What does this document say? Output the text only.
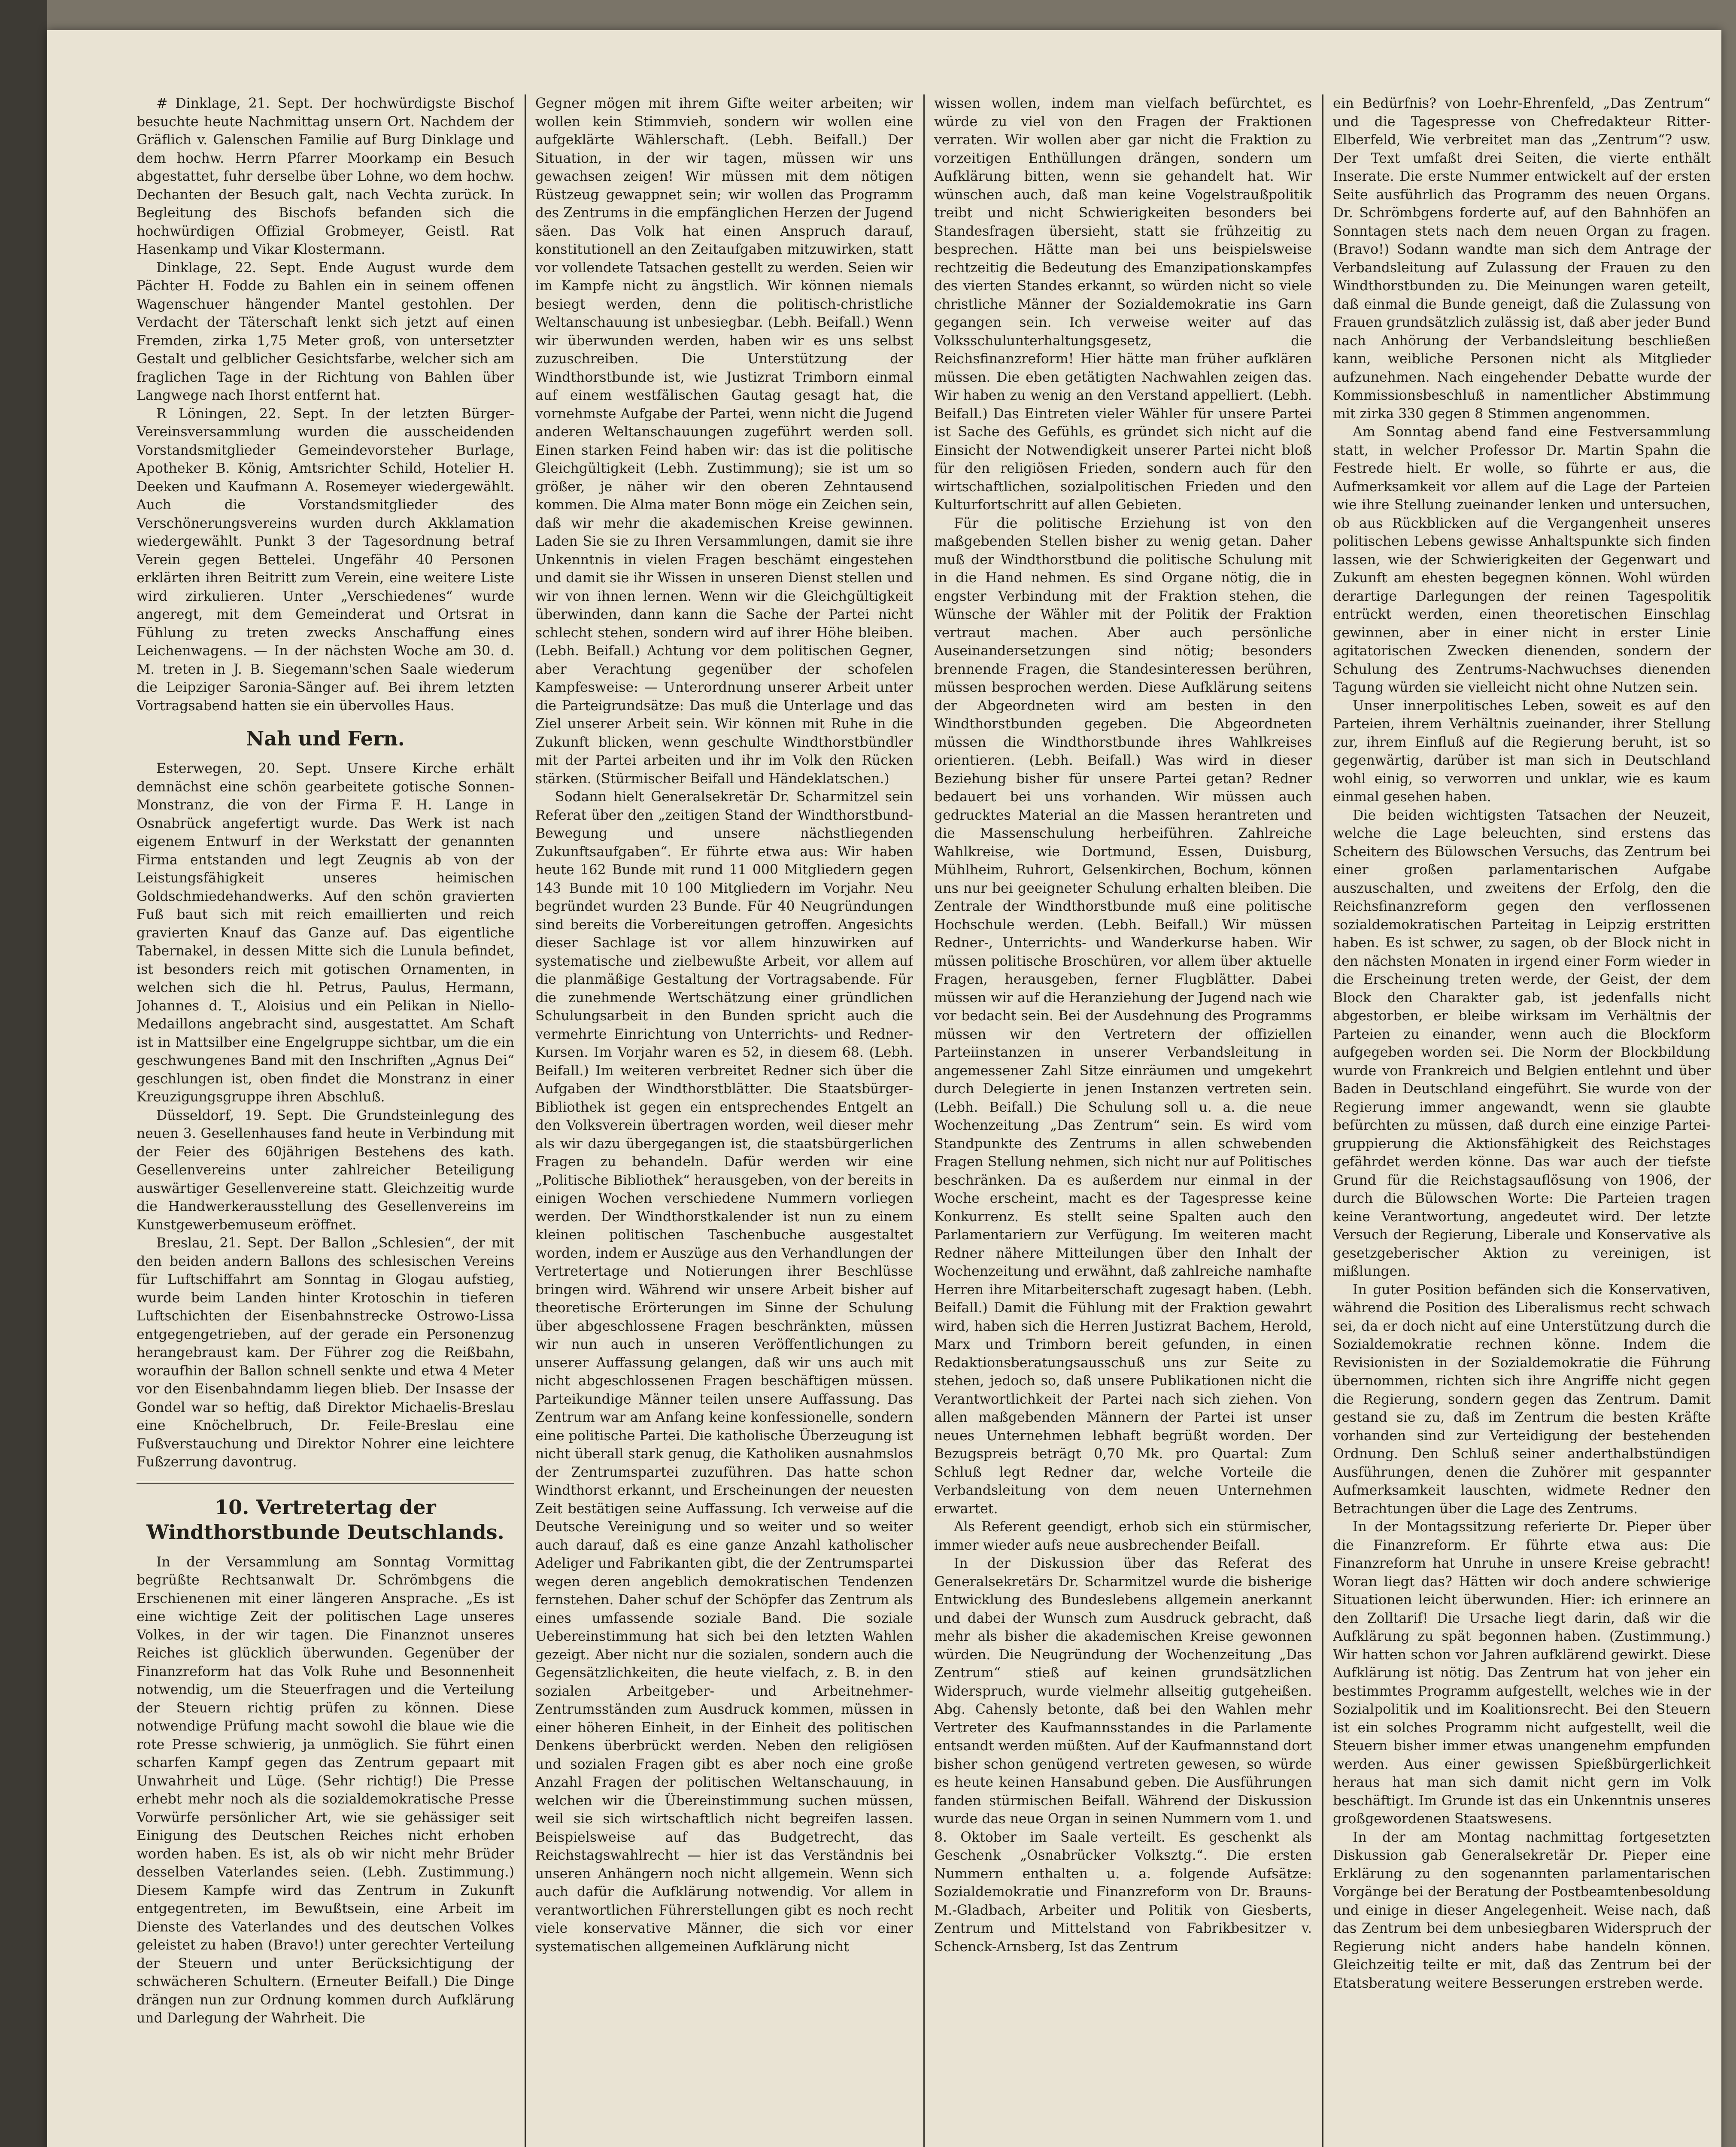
# Dinklage, 21. Sept. Der hochwürdigste Bischof besuchte heute Nachmittag unsern Ort. Nachdem der Gräflich v. Galenschen Familie auf Burg Dinklage und dem hochw. Herrn Pfarrer Moorkamp ein Besuch abgestattet, fuhr derselbe über Lohne, wo dem hochw. Dechanten der Besuch galt, nach Vechta zurück. In Begleitung des Bischofs befanden sich die hochwürdigen Offizial Grobmeyer, Geistl. Rat Hasenkamp und Vikar Klostermann.

Dinklage, 22. Sept. Ende August wurde dem Pächter H. Fodde zu Bahlen ein in seinem offenen Wagenschuer hängender Mantel gestohlen. Der Verdacht der Täterschaft lenkt sich jetzt auf einen Fremden, zirka 1,75 Meter groß, von untersetzter Gestalt und gelblicher Gesichtsfarbe, welcher sich am fraglichen Tage in der Richtung von Bahlen über Langwege nach Ihorst entfernt hat.

R Löningen, 22. Sept. In der letzten Bürger-Vereinsversammlung wurden die ausscheidenden Vorstandsmitglieder Gemeindevorsteher Burlage, Apotheker B. König, Amtsrichter Schild, Hotelier H. Deeken und Kaufmann A. Rosemeyer wiedergewählt. Auch die Vorstandsmitglieder des Verschönerungsvereins wurden durch Akklamation wiedergewählt. Punkt 3 der Tagesordnung betraf Verein gegen Bettelei. Ungefähr 40 Personen erklärten ihren Beitritt zum Verein, eine weitere Liste wird zirkulieren. Unter „Verschiedenes“ wurde angeregt, mit dem Gemeinderat und Ortsrat in Fühlung zu treten zwecks Anschaffung eines Leichenwagens. — In der nächsten Woche am 30. d. M. treten in J. B. Siegemann'schen Saale wiederum die Leipziger Saronia-Sänger auf. Bei ihrem letzten Vortragsabend hatten sie ein übervolles Haus.

Nah und Fern.

Esterwegen, 20. Sept. Unsere Kirche erhält demnächst eine schön gearbeitete gotische Sonnen-Monstranz, die von der Firma F. H. Lange in Osnabrück angefertigt wurde. Das Werk ist nach eigenem Entwurf in der Werkstatt der genannten Firma entstanden und legt Zeugnis ab von der Leistungsfähigkeit unseres heimischen Goldschmiedehandwerks. Auf den schön gravierten Fuß baut sich mit reich emaillierten und reich gravierten Knauf das Ganze auf. Das eigentliche Tabernakel, in dessen Mitte sich die Lunula befindet, ist besonders reich mit gotischen Ornamenten, in welchen sich die hl. Petrus, Paulus, Hermann, Johannes d. T., Aloisius und ein Pelikan in Niello-Medaillons angebracht sind, ausgestattet. Am Schaft ist in Mattsilber eine Engelgruppe sichtbar, um die ein geschwungenes Band mit den Inschriften „Agnus Dei“ geschlungen ist, oben findet die Monstranz in einer Kreuzigungsgruppe ihren Abschluß.

Düsseldorf, 19. Sept. Die Grundsteinlegung des neuen 3. Gesellenhauses fand heute in Verbindung mit der Feier des 60jährigen Bestehens des kath. Gesellenvereins unter zahlreicher Beteiligung auswärtiger Gesellenvereine statt. Gleichzeitig wurde die Handwerkerausstellung des Gesellenvereins im Kunstgewerbemuseum eröffnet.

Breslau, 21. Sept. Der Ballon „Schlesien“, der mit den beiden andern Ballons des schlesischen Vereins für Luftschiffahrt am Sonntag in Glogau aufstieg, wurde beim Landen hinter Krotoschin in tieferen Luftschichten der Eisenbahnstrecke Ostrowo-Lissa entgegengetrieben, auf der gerade ein Personenzug herangebraust kam. Der Führer zog die Reißbahn, woraufhin der Ballon schnell senkte und etwa 4 Meter vor den Eisenbahndamm liegen blieb. Der Insasse der Gondel war so heftig, daß Direktor Michaelis-Breslau eine Knöchelbruch, Dr. Feile-Breslau eine Fußverstauchung und Direktor Nohrer eine leichtere Fußzerrung davontrug.

10. Vertretertag der Windthorstbunde Deutschlands.

In der Versammlung am Sonntag Vormittag begrüßte Rechtsanwalt Dr. Schrömbgens die Erschienenen mit einer längeren Ansprache. „Es ist eine wichtige Zeit der politischen Lage unseres Volkes, in der wir tagen. Die Finanznot unseres Reiches ist glücklich überwunden. Gegenüber der Finanzreform hat das Volk Ruhe und Besonnenheit notwendig, um die Steuerfragen und die Verteilung der Steuern richtig prüfen zu können. Diese notwendige Prüfung macht sowohl die blaue wie die rote Presse schwierig, ja unmöglich. Sie führt einen scharfen Kampf gegen das Zentrum gepaart mit Unwahrheit und Lüge. (Sehr richtig!) Die Presse erhebt mehr noch als die sozialdemokratische Presse Vorwürfe persönlicher Art, wie sie gehässiger seit Einigung des Deutschen Reiches nicht erhoben worden haben. Es ist, als ob wir nicht mehr Brüder desselben Vaterlandes seien. (Lebh. Zustimmung.) Diesem Kampfe wird das Zentrum in Zukunft entgegentreten, im Bewußtsein, eine Arbeit im Dienste des Vaterlandes und des deutschen Volkes geleistet zu haben (Bravo!) unter gerechter Verteilung der Steuern und unter Berücksichtigung der schwächeren Schultern. (Erneuter Beifall.) Die Dinge drängen nun zur Ordnung kommen durch Aufklärung und Darlegung der Wahrheit. Die

Gegner mögen mit ihrem Gifte weiter arbeiten; wir wollen kein Stimmvieh, sondern wir wollen eine aufgeklärte Wählerschaft. (Lebh. Beifall.) Der Situation, in der wir tagen, müssen wir uns gewachsen zeigen! Wir müssen mit dem nötigen Rüstzeug gewappnet sein; wir wollen das Programm des Zentrums in die empfänglichen Herzen der Jugend säen. Das Volk hat einen Anspruch darauf, konstitutionell an den Zeitaufgaben mitzuwirken, statt vor vollendete Tatsachen gestellt zu werden. Seien wir im Kampfe nicht zu ängstlich. Wir können niemals besiegt werden, denn die politisch-christliche Weltanschauung ist unbesiegbar. (Lebh. Beifall.) Wenn wir überwunden werden, haben wir es uns selbst zuzuschreiben. Die Unterstützung der Windthorstbunde ist, wie Justizrat Trimborn einmal auf einem westfälischen Gautag gesagt hat, die vornehmste Aufgabe der Partei, wenn nicht die Jugend anderen Weltanschauungen zugeführt werden soll. Einen starken Feind haben wir: das ist die politische Gleichgültigkeit (Lebh. Zustimmung); sie ist um so größer, je näher wir den oberen Zehntausend kommen. Die Alma mater Bonn möge ein Zeichen sein, daß wir mehr die akademischen Kreise gewinnen. Laden Sie sie zu Ihren Versammlungen, damit sie ihre Unkenntnis in vielen Fragen beschämt eingestehen und damit sie ihr Wissen in unseren Dienst stellen und wir von ihnen lernen. Wenn wir die Gleichgültigkeit überwinden, dann kann die Sache der Partei nicht schlecht stehen, sondern wird auf ihrer Höhe bleiben. (Lebh. Beifall.) Achtung vor dem politischen Gegner, aber Verachtung gegenüber der schofelen Kampfesweise: — Unterordnung unserer Arbeit unter die Parteigrundsätze: Das muß die Unterlage und das Ziel unserer Arbeit sein. Wir können mit Ruhe in die Zukunft blicken, wenn geschulte Windthorstbündler mit der Partei arbeiten und ihr im Volk den Rücken stärken. (Stürmischer Beifall und Händeklatschen.)

Sodann hielt Generalsekretär Dr. Scharmitzel sein Referat über den „zeitigen Stand der Windthorstbund-Bewegung und unsere nächstliegenden Zukunftsaufgaben“. Er führte etwa aus: Wir haben heute 162 Bunde mit rund 11 000 Mitgliedern gegen 143 Bunde mit 10 100 Mitgliedern im Vorjahr. Neu begründet wurden 23 Bunde. Für 40 Neugründungen sind bereits die Vorbereitungen getroffen. Angesichts dieser Sachlage ist vor allem hinzuwirken auf systematische und zielbewußte Arbeit, vor allem auf die planmäßige Gestaltung der Vortragsabende. Für die zunehmende Wertschätzung einer gründlichen Schulungsarbeit in den Bunden spricht auch die vermehrte Einrichtung von Unterrichts- und Redner-Kursen. Im Vorjahr waren es 52, in diesem 68. (Lebh. Beifall.) Im weiteren verbreitet Redner sich über die Aufgaben der Windthorstblätter. Die Staatsbürger-Bibliothek ist gegen ein entsprechendes Entgelt an den Volksverein übertragen worden, weil dieser mehr als wir dazu übergegangen ist, die staatsbürgerlichen Fragen zu behandeln. Dafür werden wir eine „Politische Bibliothek“ herausgeben, von der bereits in einigen Wochen verschiedene Nummern vorliegen werden. Der Windthorstkalender ist nun zu einem kleinen politischen Taschenbuche ausgestaltet worden, indem er Auszüge aus den Verhandlungen der Vertretertage und Notierungen ihrer Beschlüsse bringen wird. Während wir unsere Arbeit bisher auf theoretische Erörterungen im Sinne der Schulung über abgeschlossene Fragen beschränkten, müssen wir nun auch in unseren Veröffentlichungen zu unserer Auffassung gelangen, daß wir uns auch mit nicht abgeschlossenen Fragen beschäftigen müssen. Parteikundige Männer teilen unsere Auffassung. Das Zentrum war am Anfang keine konfessionelle, sondern eine politische Partei. Die katholische Überzeugung ist nicht überall stark genug, die Katholiken ausnahmslos der Zentrumspartei zuzuführen. Das hatte schon Windthorst erkannt, und Erscheinungen der neuesten Zeit bestätigen seine Auffassung. Ich verweise auf die Deutsche Vereinigung und so weiter und so weiter auch darauf, daß es eine ganze Anzahl katholischer Adeliger und Fabrikanten gibt, die der Zentrumspartei wegen deren angeblich demokratischen Tendenzen fernstehen. Daher schuf der Schöpfer das Zentrum als eines umfassende soziale Band. Die soziale Uebereinstimmung hat sich bei den letzten Wahlen gezeigt. Aber nicht nur die sozialen, sondern auch die Gegensätzlichkeiten, die heute vielfach, z. B. in den sozialen Arbeitgeber- und Arbeitnehmer-Zentrumsständen zum Ausdruck kommen, müssen in einer höheren Einheit, in der Einheit des politischen Denkens überbrückt werden. Neben den religiösen und sozialen Fragen gibt es aber noch eine große Anzahl Fragen der politischen Weltanschauung, in welchen wir die Übereinstimmung suchen müssen, weil sie sich wirtschaftlich nicht begreifen lassen. Beispielsweise auf das Budgetrecht, das Reichstagswahlrecht — hier ist das Verständnis bei unseren Anhängern noch nicht allgemein. Wenn sich auch dafür die Aufklärung notwendig. Vor allem in verantwortlichen Führerstellungen gibt es noch recht viele konservative Männer, die sich vor einer systematischen allgemeinen Aufklärung nicht

wissen wollen, indem man vielfach befürchtet, es würde zu viel von den Fragen der Fraktionen verraten. Wir wollen aber gar nicht die Fraktion zu vorzeitigen Enthüllungen drängen, sondern um Aufklärung bitten, wenn sie gehandelt hat. Wir wünschen auch, daß man keine Vogelstraußpolitik treibt und nicht Schwierigkeiten besonders bei Standesfragen übersieht, statt sie frühzeitig zu besprechen. Hätte man bei uns beispielsweise rechtzeitig die Bedeutung des Emanzipationskampfes des vierten Standes erkannt, so würden nicht so viele christliche Männer der Sozialdemokratie ins Garn gegangen sein. Ich verweise weiter auf das Volksschulunterhaltungsgesetz, die Reichsfinanzreform! Hier hätte man früher aufklären müssen. Die eben getätigten Nachwahlen zeigen das. Wir haben zu wenig an den Verstand appelliert. (Lebh. Beifall.) Das Eintreten vieler Wähler für unsere Partei ist Sache des Gefühls, es gründet sich nicht auf die Einsicht der Notwendigkeit unserer Partei nicht bloß für den religiösen Frieden, sondern auch für den wirtschaftlichen, sozialpolitischen Frieden und den Kulturfortschritt auf allen Gebieten.

Für die politische Erziehung ist von den maßgebenden Stellen bisher zu wenig getan. Daher muß der Windthorstbund die politische Schulung mit in die Hand nehmen. Es sind Organe nötig, die in engster Verbindung mit der Fraktion stehen, die Wünsche der Wähler mit der Politik der Fraktion vertraut machen. Aber auch persönliche Auseinandersetzungen sind nötig; besonders brennende Fragen, die Standesinteressen berühren, müssen besprochen werden. Diese Aufklärung seitens der Abgeordneten wird am besten in den Windthorstbunden gegeben. Die Abgeordneten müssen die Windthorstbunde ihres Wahlkreises orientieren. (Lebh. Beifall.) Was wird in dieser Beziehung bisher für unsere Partei getan? Redner bedauert bei uns vorhanden. Wir müssen auch gedrucktes Material an die Massen herantreten und die Massenschulung herbeiführen. Zahlreiche Wahlkreise, wie Dortmund, Essen, Duisburg, Mühlheim, Ruhrort, Gelsenkirchen, Bochum, können uns nur bei geeigneter Schulung erhalten bleiben. Die Zentrale der Windthorstbunde muß eine politische Hochschule werden. (Lebh. Beifall.) Wir müssen Redner-, Unterrichts- und Wanderkurse haben. Wir müssen politische Broschüren, vor allem über aktuelle Fragen, herausgeben, ferner Flugblätter. Dabei müssen wir auf die Heranziehung der Jugend nach wie vor bedacht sein. Bei der Ausdehnung des Programms müssen wir den Vertretern der offiziellen Parteiinstanzen in unserer Verbandsleitung in angemessener Zahl Sitze einräumen und umgekehrt durch Delegierte in jenen Instanzen vertreten sein. (Lebh. Beifall.) Die Schulung soll u. a. die neue Wochenzeitung „Das Zentrum“ sein. Es wird vom Standpunkte des Zentrums in allen schwebenden Fragen Stellung nehmen, sich nicht nur auf Politisches beschränken. Da es außerdem nur einmal in der Woche erscheint, macht es der Tagespresse keine Konkurrenz. Es stellt seine Spalten auch den Parlamentariern zur Verfügung. Im weiteren macht Redner nähere Mitteilungen über den Inhalt der Wochenzeitung und erwähnt, daß zahlreiche namhafte Herren ihre Mitarbeiterschaft zugesagt haben. (Lebh. Beifall.) Damit die Fühlung mit der Fraktion gewahrt wird, haben sich die Herren Justizrat Bachem, Herold, Marx und Trimborn bereit gefunden, in einen Redaktionsberatungsausschuß uns zur Seite zu stehen, jedoch so, daß unsere Publikationen nicht die Verantwortlichkeit der Partei nach sich ziehen. Von allen maßgebenden Männern der Partei ist unser neues Unternehmen lebhaft begrüßt worden. Der Bezugspreis beträgt 0,70 Mk. pro Quartal: Zum Schluß legt Redner dar, welche Vorteile die Verbandsleitung von dem neuen Unternehmen erwartet.

Als Referent geendigt, erhob sich ein stürmischer, immer wieder aufs neue ausbrechender Beifall.

In der Diskussion über das Referat des Generalsekretärs Dr. Scharmitzel wurde die bisherige Entwicklung des Bundeslebens allgemein anerkannt und dabei der Wunsch zum Ausdruck gebracht, daß mehr als bisher die akademischen Kreise gewonnen würden. Die Neugründung der Wochenzeitung „Das Zentrum“ stieß auf keinen grundsätzlichen Widerspruch, wurde vielmehr allseitig gutgeheißen. Abg. Cahensly betonte, daß bei den Wahlen mehr Vertreter des Kaufmannsstandes in die Parlamente entsandt werden müßten. Auf der Kaufmannstand dort bisher schon genügend vertreten gewesen, so würde es heute keinen Hansabund geben. Die Ausführungen fanden stürmischen Beifall. Während der Diskussion wurde das neue Organ in seinen Nummern vom 1. und 8. Oktober im Saale verteilt. Es geschenkt als Geschenk „Osnabrücker Volksztg.“. Die ersten Nummern enthalten u. a. folgende Aufsätze: Sozialdemokratie und Finanzreform von Dr. Brauns-M.-Gladbach, Arbeiter und Politik von Giesberts, Zentrum und Mittelstand von Fabrikbesitzer v. Schenck-Arnsberg, Ist das Zentrum

ein Bedürfnis? von Loehr-Ehrenfeld, „Das Zentrum“ und die Tagespresse von Chefredakteur Ritter-Elberfeld, Wie verbreitet man das „Zentrum“? usw. Der Text umfaßt drei Seiten, die vierte enthält Inserate. Die erste Nummer entwickelt auf der ersten Seite ausführlich das Programm des neuen Organs. Dr. Schrömbgens forderte auf, auf den Bahnhöfen an Sonntagen stets nach dem neuen Organ zu fragen. (Bravo!) Sodann wandte man sich dem Antrage der Verbandsleitung auf Zulassung der Frauen zu den Windthorstbunden zu. Die Meinungen waren geteilt, daß einmal die Bunde geneigt, daß die Zulassung von Frauen grundsätzlich zulässig ist, daß aber jeder Bund nach Anhörung der Verbandsleitung beschließen kann, weibliche Personen nicht als Mitglieder aufzunehmen. Nach eingehender Debatte wurde der Kommissionsbeschluß in namentlicher Abstimmung mit zirka 330 gegen 8 Stimmen angenommen.

Am Sonntag abend fand eine Festversammlung statt, in welcher Professor Dr. Martin Spahn die Festrede hielt. Er wolle, so führte er aus, die Aufmerksamkeit vor allem auf die Lage der Parteien wie ihre Stellung zueinander lenken und untersuchen, ob aus Rückblicken auf die Vergangenheit unseres politischen Lebens gewisse Anhaltspunkte sich finden lassen, wie der Schwierigkeiten der Gegenwart und Zukunft am ehesten begegnen können. Wohl würden derartige Darlegungen der reinen Tagespolitik entrückt werden, einen theoretischen Einschlag gewinnen, aber in einer nicht in erster Linie agitatorischen Zwecken dienenden, sondern der Schulung des Zentrums-Nachwuchses dienenden Tagung würden sie vielleicht nicht ohne Nutzen sein.

Unser innerpolitisches Leben, soweit es auf den Parteien, ihrem Verhältnis zueinander, ihrer Stellung zur, ihrem Einfluß auf die Regierung beruht, ist so gegenwärtig, darüber ist man sich in Deutschland wohl einig, so verworren und unklar, wie es kaum einmal gesehen haben.

Die beiden wichtigsten Tatsachen der Neuzeit, welche die Lage beleuchten, sind erstens das Scheitern des Bülowschen Versuchs, das Zentrum bei einer großen parlamentarischen Aufgabe auszuschalten, und zweitens der Erfolg, den die Reichsfinanzreform gegen den verflossenen sozialdemokratischen Parteitag in Leipzig erstritten haben. Es ist schwer, zu sagen, ob der Block nicht in den nächsten Monaten in irgend einer Form wieder in die Erscheinung treten werde, der Geist, der dem Block den Charakter gab, ist jedenfalls nicht abgestorben, er bleibe wirksam im Verhältnis der Parteien zu einander, wenn auch die Blockform aufgegeben worden sei. Die Norm der Blockbildung wurde von Frankreich und Belgien entlehnt und über Baden in Deutschland eingeführt. Sie wurde von der Regierung immer angewandt, wenn sie glaubte befürchten zu müssen, daß durch eine einzige Partei-gruppierung die Aktionsfähigkeit des Reichstages gefährdet werden könne. Das war auch der tiefste Grund für die Reichstagsauflösung von 1906, der durch die Bülowschen Worte: Die Parteien tragen keine Verantwortung, angedeutet wird. Der letzte Versuch der Regierung, Liberale und Konservative als gesetzgeberischer Aktion zu vereinigen, ist mißlungen.

In guter Position befänden sich die Konservativen, während die Position des Liberalismus recht schwach sei, da er doch nicht auf eine Unterstützung durch die Sozialdemokratie rechnen könne. Indem die Revisionisten in der Sozialdemokratie die Führung übernommen, richten sich ihre Angriffe nicht gegen die Regierung, sondern gegen das Zentrum. Damit gestand sie zu, daß im Zentrum die besten Kräfte vorhanden sind zur Verteidigung der bestehenden Ordnung. Den Schluß seiner anderthalbstündigen Ausführungen, denen die Zuhörer mit gespannter Aufmerksamkeit lauschten, widmete Redner den Betrachtungen über die Lage des Zentrums.

In der Montagssitzung referierte Dr. Pieper über die Finanzreform. Er führte etwa aus: Die Finanzreform hat Unruhe in unsere Kreise gebracht! Woran liegt das? Hätten wir doch andere schwierige Situationen leicht überwunden. Hier: ich erinnere an den Zolltarif! Die Ursache liegt darin, daß wir die Aufklärung zu spät begonnen haben. (Zustimmung.) Wir hatten schon vor Jahren aufklärend gewirkt. Diese Aufklärung ist nötig. Das Zentrum hat von jeher ein bestimmtes Programm aufgestellt, welches wie in der Sozialpolitik und im Koalitionsrecht. Bei den Steuern ist ein solches Programm nicht aufgestellt, weil die Steuern bisher immer etwas unangenehm empfunden werden. Aus einer gewissen Spießbürgerlichkeit heraus hat man sich damit nicht gern im Volk beschäftigt. Im Grunde ist das ein Unkenntnis unseres großgewordenen Staatswesens.

In der am Montag nachmittag fortgesetzten Diskussion gab Generalsekretär Dr. Pieper eine Erklärung zu den sogenannten parlamentarischen Vorgänge bei der Beratung der Postbeamtenbesoldung und einige in dieser Angelegenheit. Weise nach, daß das Zentrum bei dem unbesiegbaren Widerspruch der Regierung nicht anders habe handeln können. Gleichzeitig teilte er mit, daß das Zentrum bei der Etatsberatung weitere Besserungen erstreben werde.
